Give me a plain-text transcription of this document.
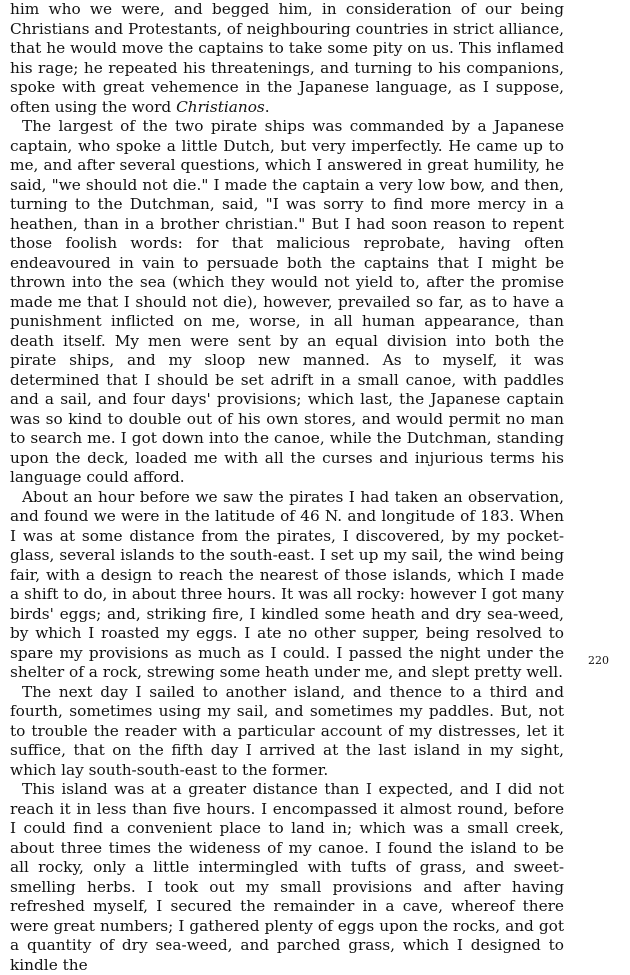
him who we were, and begged him, in consideration of our being Christians and Protestants, of neighbouring countries in strict alliance, that he would move the captains to take some pity on us. This inflamed his rage; he repeated his threatenings, and turning to his companions, spoke with great vehemence in the Japanese language, as I suppose, often using the word Christianos.

The largest of the two pirate ships was commanded by a Japanese captain, who spoke a little Dutch, but very imperfectly. He came up to me, and after several questions, which I answered in great humility, he said, "we should not die." I made the captain a very low bow, and then, turning to the Dutchman, said, "I was sorry to find more mercy in a heathen, than in a brother christian." But I had soon reason to repent those foolish words: for that malicious reprobate, having often endeavoured in vain to persuade both the captains that I might be thrown into the sea (which they would not yield to, after the promise made me that I should not die), however, prevailed so far, as to have a punishment inflicted on me, worse, in all human appearance, than death itself. My men were sent by an equal division into both the pirate ships, and my sloop new manned. As to myself, it was determined that I should be set adrift in a small canoe, with paddles and a sail, and four days' provisions; which last, the Japanese captain was so kind to double out of his own stores, and would permit no man to search me. I got down into the canoe, while the Dutchman, standing upon the deck, loaded me with all the curses and injurious terms his language could afford.

About an hour before we saw the pirates I had taken an observation, and found we were in the latitude of 46 N. and longitude of 183. When I was at some distance from the pirates, I discovered, by my pocket-glass, several islands to the south-east. I set up my sail, the wind being fair, with a design to reach the nearest of those islands, which I made a shift to do, in about three hours. It was all rocky: however I got many birds' eggs; and, striking fire, I kindled some heath and dry sea-weed, by which I roasted my eggs. I ate no other supper, being resolved to spare my provisions as much as I could. I passed the night under the shelter of a rock, strewing some heath under me, and slept pretty well.

The next day I sailed to another island, and thence to a third and fourth, sometimes using my sail, and sometimes my paddles. But, not to trouble the reader with a particular account of my distresses, let it suffice, that on the fifth day I arrived at the last island in my sight, which lay south-south-east to the former.

This island was at a greater distance than I expected, and I did not reach it in less than five hours. I encompassed it almost round, before I could find a convenient place to land in; which was a small creek, about three times the wideness of my canoe. I found the island to be all rocky, only a little intermingled with tufts of grass, and sweet-smelling herbs. I took out my small provisions and after having refreshed myself, I secured the remainder in a cave, whereof there were great numbers; I gathered plenty of eggs upon the rocks, and got a quantity of dry sea-weed, and parched grass, which I designed to kindle the

220
